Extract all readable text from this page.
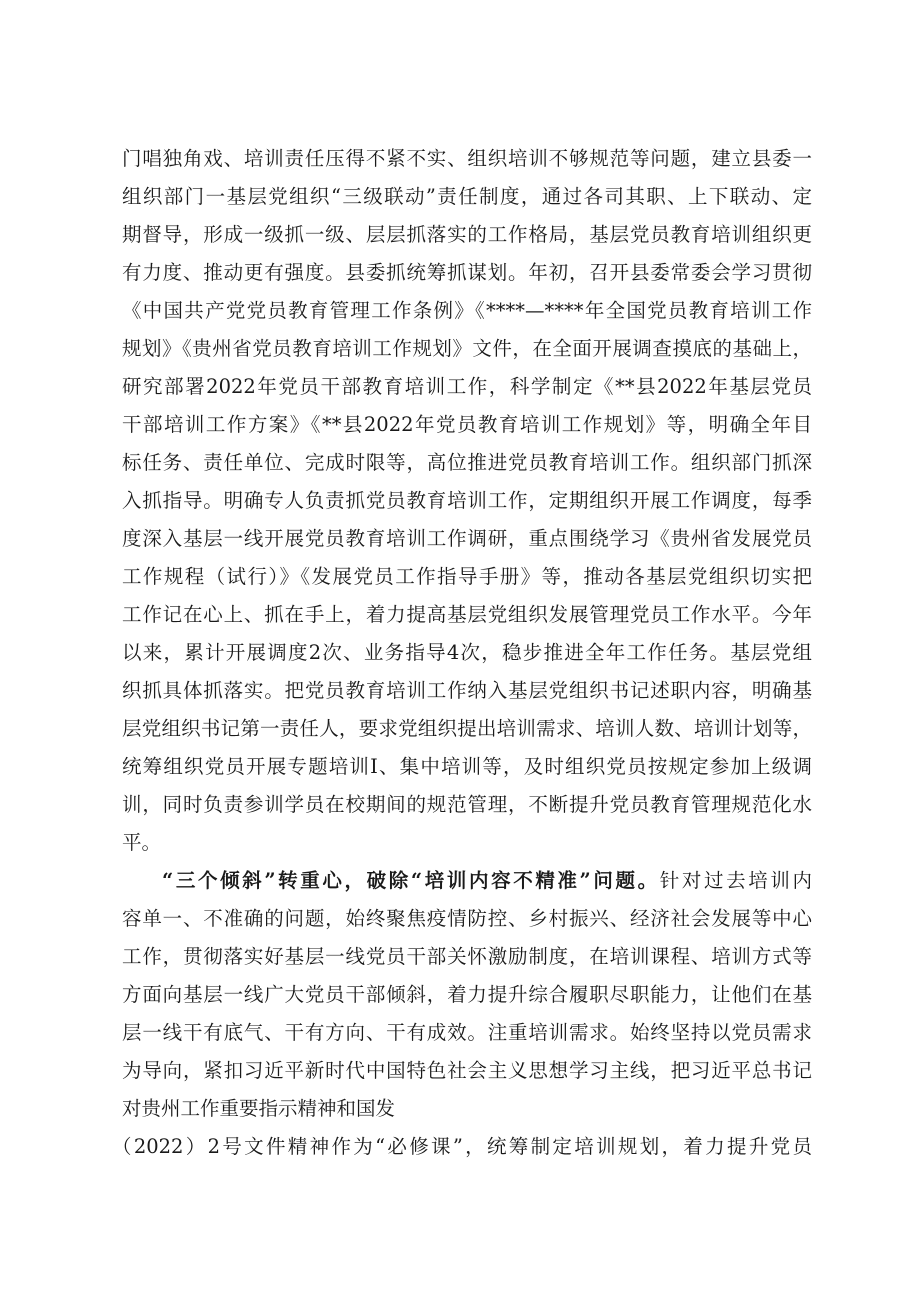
门唱独角戏、培训责任压得不紧不实、组织培训不够规范等问题，建立县委一
组织部门一基层党组织“三级联动”责任制度，通过各司其职、上下联动、定
期督导，形成一级抓一级、层层抓落实的工作格局，基层党员教育培训组织更
有力度、推动更有强度。县委抓统筹抓谋划。年初，召开县委常委会学习贯彻
《中国共产党党员教育管理工作条例》《****—****年全国党员教育培训工作
规划》《贵州省党员教育培训工作规划》文件，在全面开展调查摸底的基础上，
研究部署2022年党员干部教育培训工作，科学制定《**县2022年基层党员
干部培训工作方案》《**县2022年党员教育培训工作规划》等，明确全年目
标任务、责任单位、完成时限等，高位推进党员教育培训工作。组织部门抓深
入抓指导。明确专人负责抓党员教育培训工作，定期组织开展工作调度，每季
度深入基层一线开展党员教育培训工作调研，重点围绕学习《贵州省发展党员
工作规程（试行）》《发展党员工作指导手册》等，推动各基层党组织切实把
工作记在心上、抓在手上，着力提高基层党组织发展管理党员工作水平。今年
以来，累计开展调度2次、业务指导4次，稳步推进全年工作任务。基层党组
织抓具体抓落实。把党员教育培训工作纳入基层党组织书记述职内容，明确基
层党组织书记第一责任人，要求党组织提出培训需求、培训人数、培训计划等，
统筹组织党员开展专题培训Ⅰ、集中培训等，及时组织党员按规定参加上级调
训，同时负责参训学员在校期间的规范管理，不断提升党员教育管理规范化水
平。
“三个倾斜”转重心，破除“培训内容不精准”问题。针对过去培训内
容单一、不准确的问题，始终聚焦疫情防控、乡村振兴、经济社会发展等中心
工作，贯彻落实好基层一线党员干部关怀激励制度，在培训课程、培训方式等
方面向基层一线广大党员干部倾斜，着力提升综合履职尽职能力，让他们在基
层一线干有底气、干有方向、干有成效。注重培训需求。始终坚持以党员需求
为导向，紧扣习近平新时代中国特色社会主义思想学习主线，把习近平总书记
对贵州工作重要指示精神和国发
（2022）2号文件精神作为“必修课”，统筹制定培训规划，着力提升党员
